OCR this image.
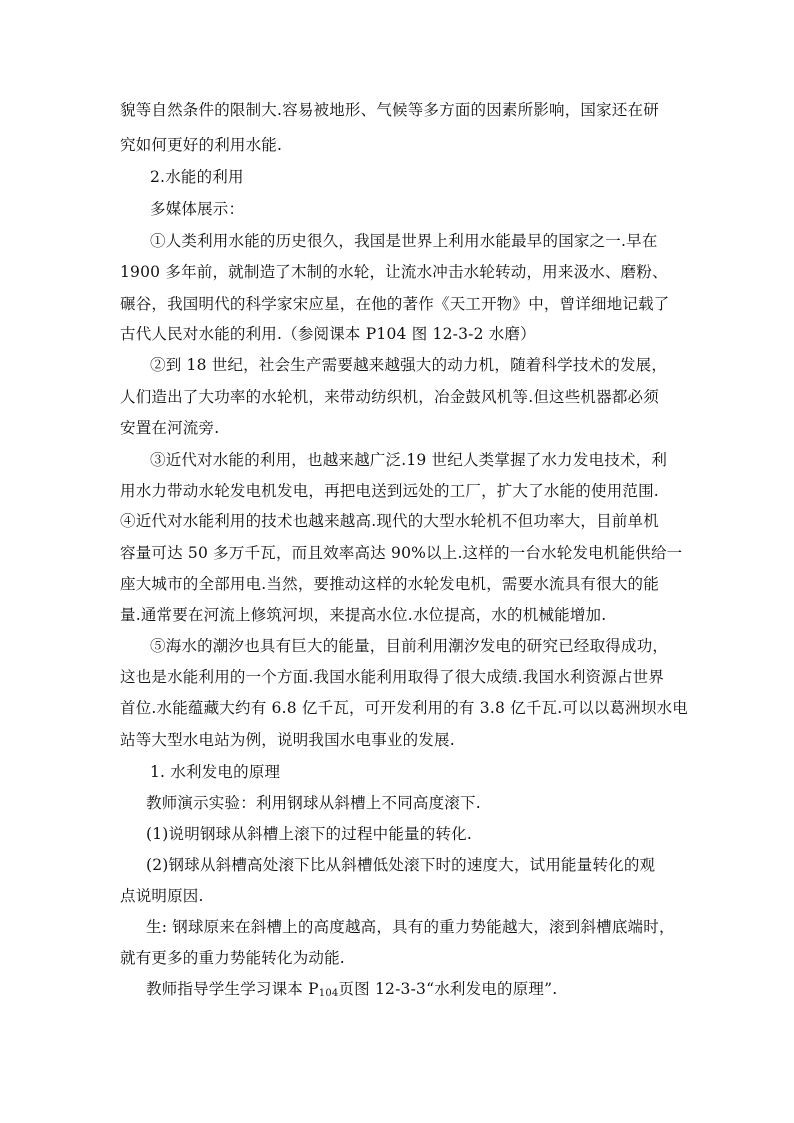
貌等自然条件的限制大.容易被地形、气候等多方面的因素所影响，国家还在研
究如何更好的利用水能.
2.水能的利用
多媒体展示：
①人类利用水能的历史很久，我国是世界上利用水能最早的国家之一.早在
1900 多年前，就制造了木制的水轮，让流水冲击水轮转动，用来汲水、磨粉、
碾谷，我国明代的科学家宋应星，在他的著作《天工开物》中，曾详细地记载了
古代人民对水能的利用.（参阅课本 P104 图 12-3-2 水磨）
②到 18 世纪，社会生产需要越来越强大的动力机，随着科学技术的发展，
人们造出了大功率的水轮机，来带动纺织机，冶金鼓风机等.但这些机器都必须
安置在河流旁.
③近代对水能的利用，也越来越广泛.19 世纪人类掌握了水力发电技术，利
用水力带动水轮发电机发电，再把电送到远处的工厂，扩大了水能的使用范围.
④近代对水能利用的技术也越来越高.现代的大型水轮机不但功率大，目前单机
容量可达 50 多万千瓦，而且效率高达 90%以上.这样的一台水轮发电机能供给一
座大城市的全部用电.当然，要推动这样的水轮发电机，需要水流具有很大的能
量.通常要在河流上修筑河坝，来提高水位.水位提高，水的机械能增加.
⑤海水的潮汐也具有巨大的能量，目前利用潮汐发电的研究已经取得成功，
这也是水能利用的一个方面.我国水能利用取得了很大成绩.我国水利资源占世界
首位.水能蕴藏大约有 6.8 亿千瓦，可开发利用的有 3.8 亿千瓦.可以以葛洲坝水电
站等大型水电站为例，说明我国水电事业的发展.
1. 水利发电的原理
教师演示实验：利用钢球从斜槽上不同高度滚下.
(1)说明钢球从斜槽上滚下的过程中能量的转化.
(2)钢球从斜槽高处滚下比从斜槽低处滚下时的速度大，试用能量转化的观
点说明原因.
生: 钢球原来在斜槽上的高度越高，具有的重力势能越大，滚到斜槽底端时，
就有更多的重力势能转化为动能.
教师指导学生学习课本 $P_{104}$页图 12-3-3“水利发电的原理”.
